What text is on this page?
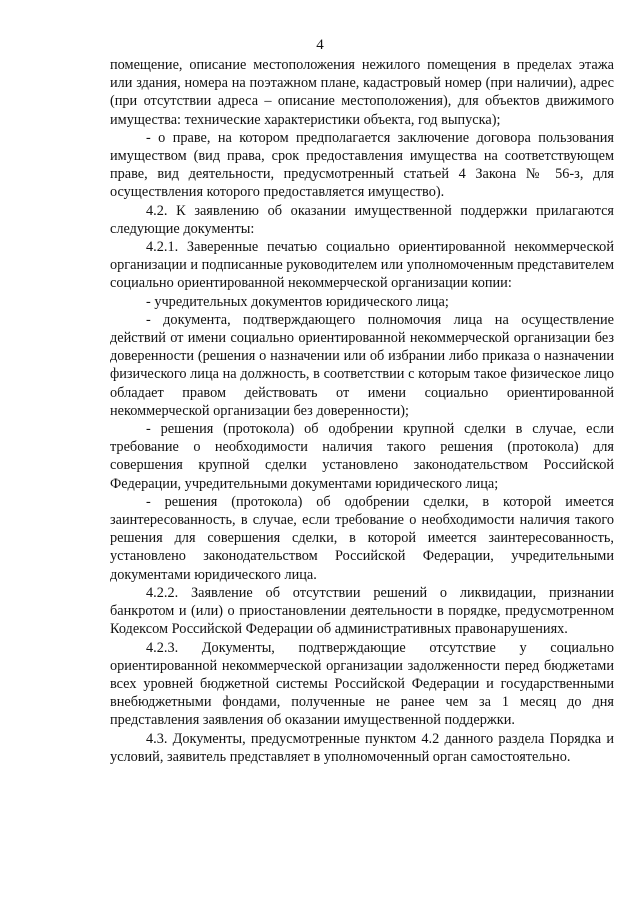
4

помещение, описание местоположения нежилого помещения в пределах этажа или здания, номера на поэтажном плане, кадастровый номер (при наличии), адрес (при отсутствии адреса – описание местоположения), для объектов движимого имущества: технические характеристики объекта, год выпуска);

- о праве, на котором предполагается заключение договора пользования имуществом (вид права, срок предоставления имущества на соответствующем праве, вид деятельности, предусмотренный статьей 4 Закона № 56-з, для осуществления которого предоставляется имущество).

4.2. К заявлению об оказании имущественной поддержки прилагаются следующие документы:

4.2.1. Заверенные печатью социально ориентированной некоммерческой организации и подписанные руководителем или уполномоченным представителем социально ориентированной некоммерческой организации копии:

- учредительных документов юридического лица;

- документа, подтверждающего полномочия лица на осуществление действий от имени социально ориентированной некоммерческой организации без доверенности (решения о назначении или об избрании либо приказа о назначении физического лица на должность, в соответствии с которым такое физическое лицо обладает правом действовать от имени социально ориентированной некоммерческой организации без доверенности);

- решения (протокола) об одобрении крупной сделки в случае, если требование о необходимости наличия такого решения (протокола) для совершения крупной сделки установлено законодательством Российской Федерации, учредительными документами юридического лица;

- решения (протокола) об одобрении сделки, в которой имеется заинтересованность, в случае, если требование о необходимости наличия такого решения для совершения сделки, в которой имеется заинтересованность, установлено законодательством Российской Федерации, учредительными документами юридического лица.

4.2.2. Заявление об отсутствии решений о ликвидации, признании банкротом и (или) о приостановлении деятельности в порядке, предусмотренном Кодексом Российской Федерации об административных правонарушениях.

4.2.3. Документы, подтверждающие отсутствие у социально ориентированной некоммерческой организации задолженности перед бюджетами всех уровней бюджетной системы Российской Федерации и государственными внебюджетными фондами, полученные не ранее чем за 1 месяц до дня представления заявления об оказании имущественной поддержки.

4.3. Документы, предусмотренные пунктом 4.2 данного раздела Порядка и условий, заявитель представляет в уполномоченный орган самостоятельно.
